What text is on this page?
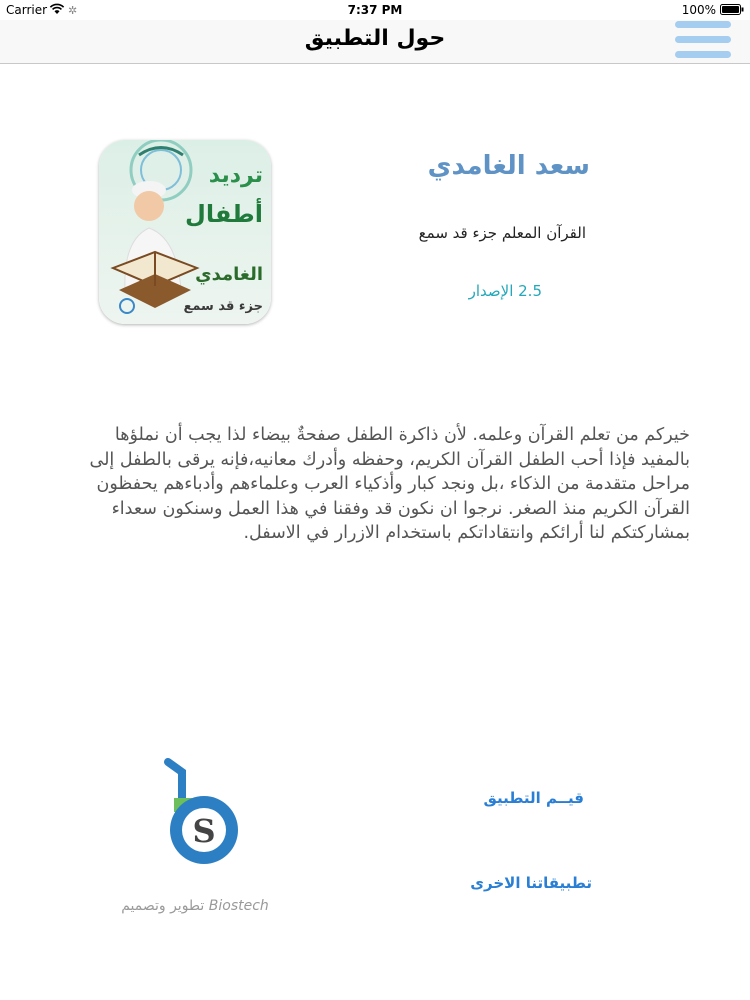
Carrier ✲	7:37 PM	100%
حول التطبيق
ترديد
أطفال
الغامدي
جزء قد سمع
سعد الغامدي
القرآن المعلم جزء قد سمع
2.5 الإصدار
خيركم من تعلم القرآن وعلمه. لأن ذاكرة الطفل صفحةٌ بيضاء لذا يجب أن نملؤها بالمفيد فإذا أحب الطفل القرآن الكريم، وحفظه وأدرك معانيه،فإنه يرقى بالطفل إلى مراحل متقدمة من الذكاء ،بل ونجد كبار وأذكياء العرب وعلماءهم وأدباءهم يحفظون القرآن الكريم منذ الصغر. نرجوا ان نكون قد وفقنا في هذا العمل وسنكون سعداء بمشاركتكم لنا أرائكم وانتقاداتكم باستخدام الازرار في الاسفل.
قيــم التطبيق
تطبيقاتنا الاخرى
S
تطوير وتصميم Biostech
